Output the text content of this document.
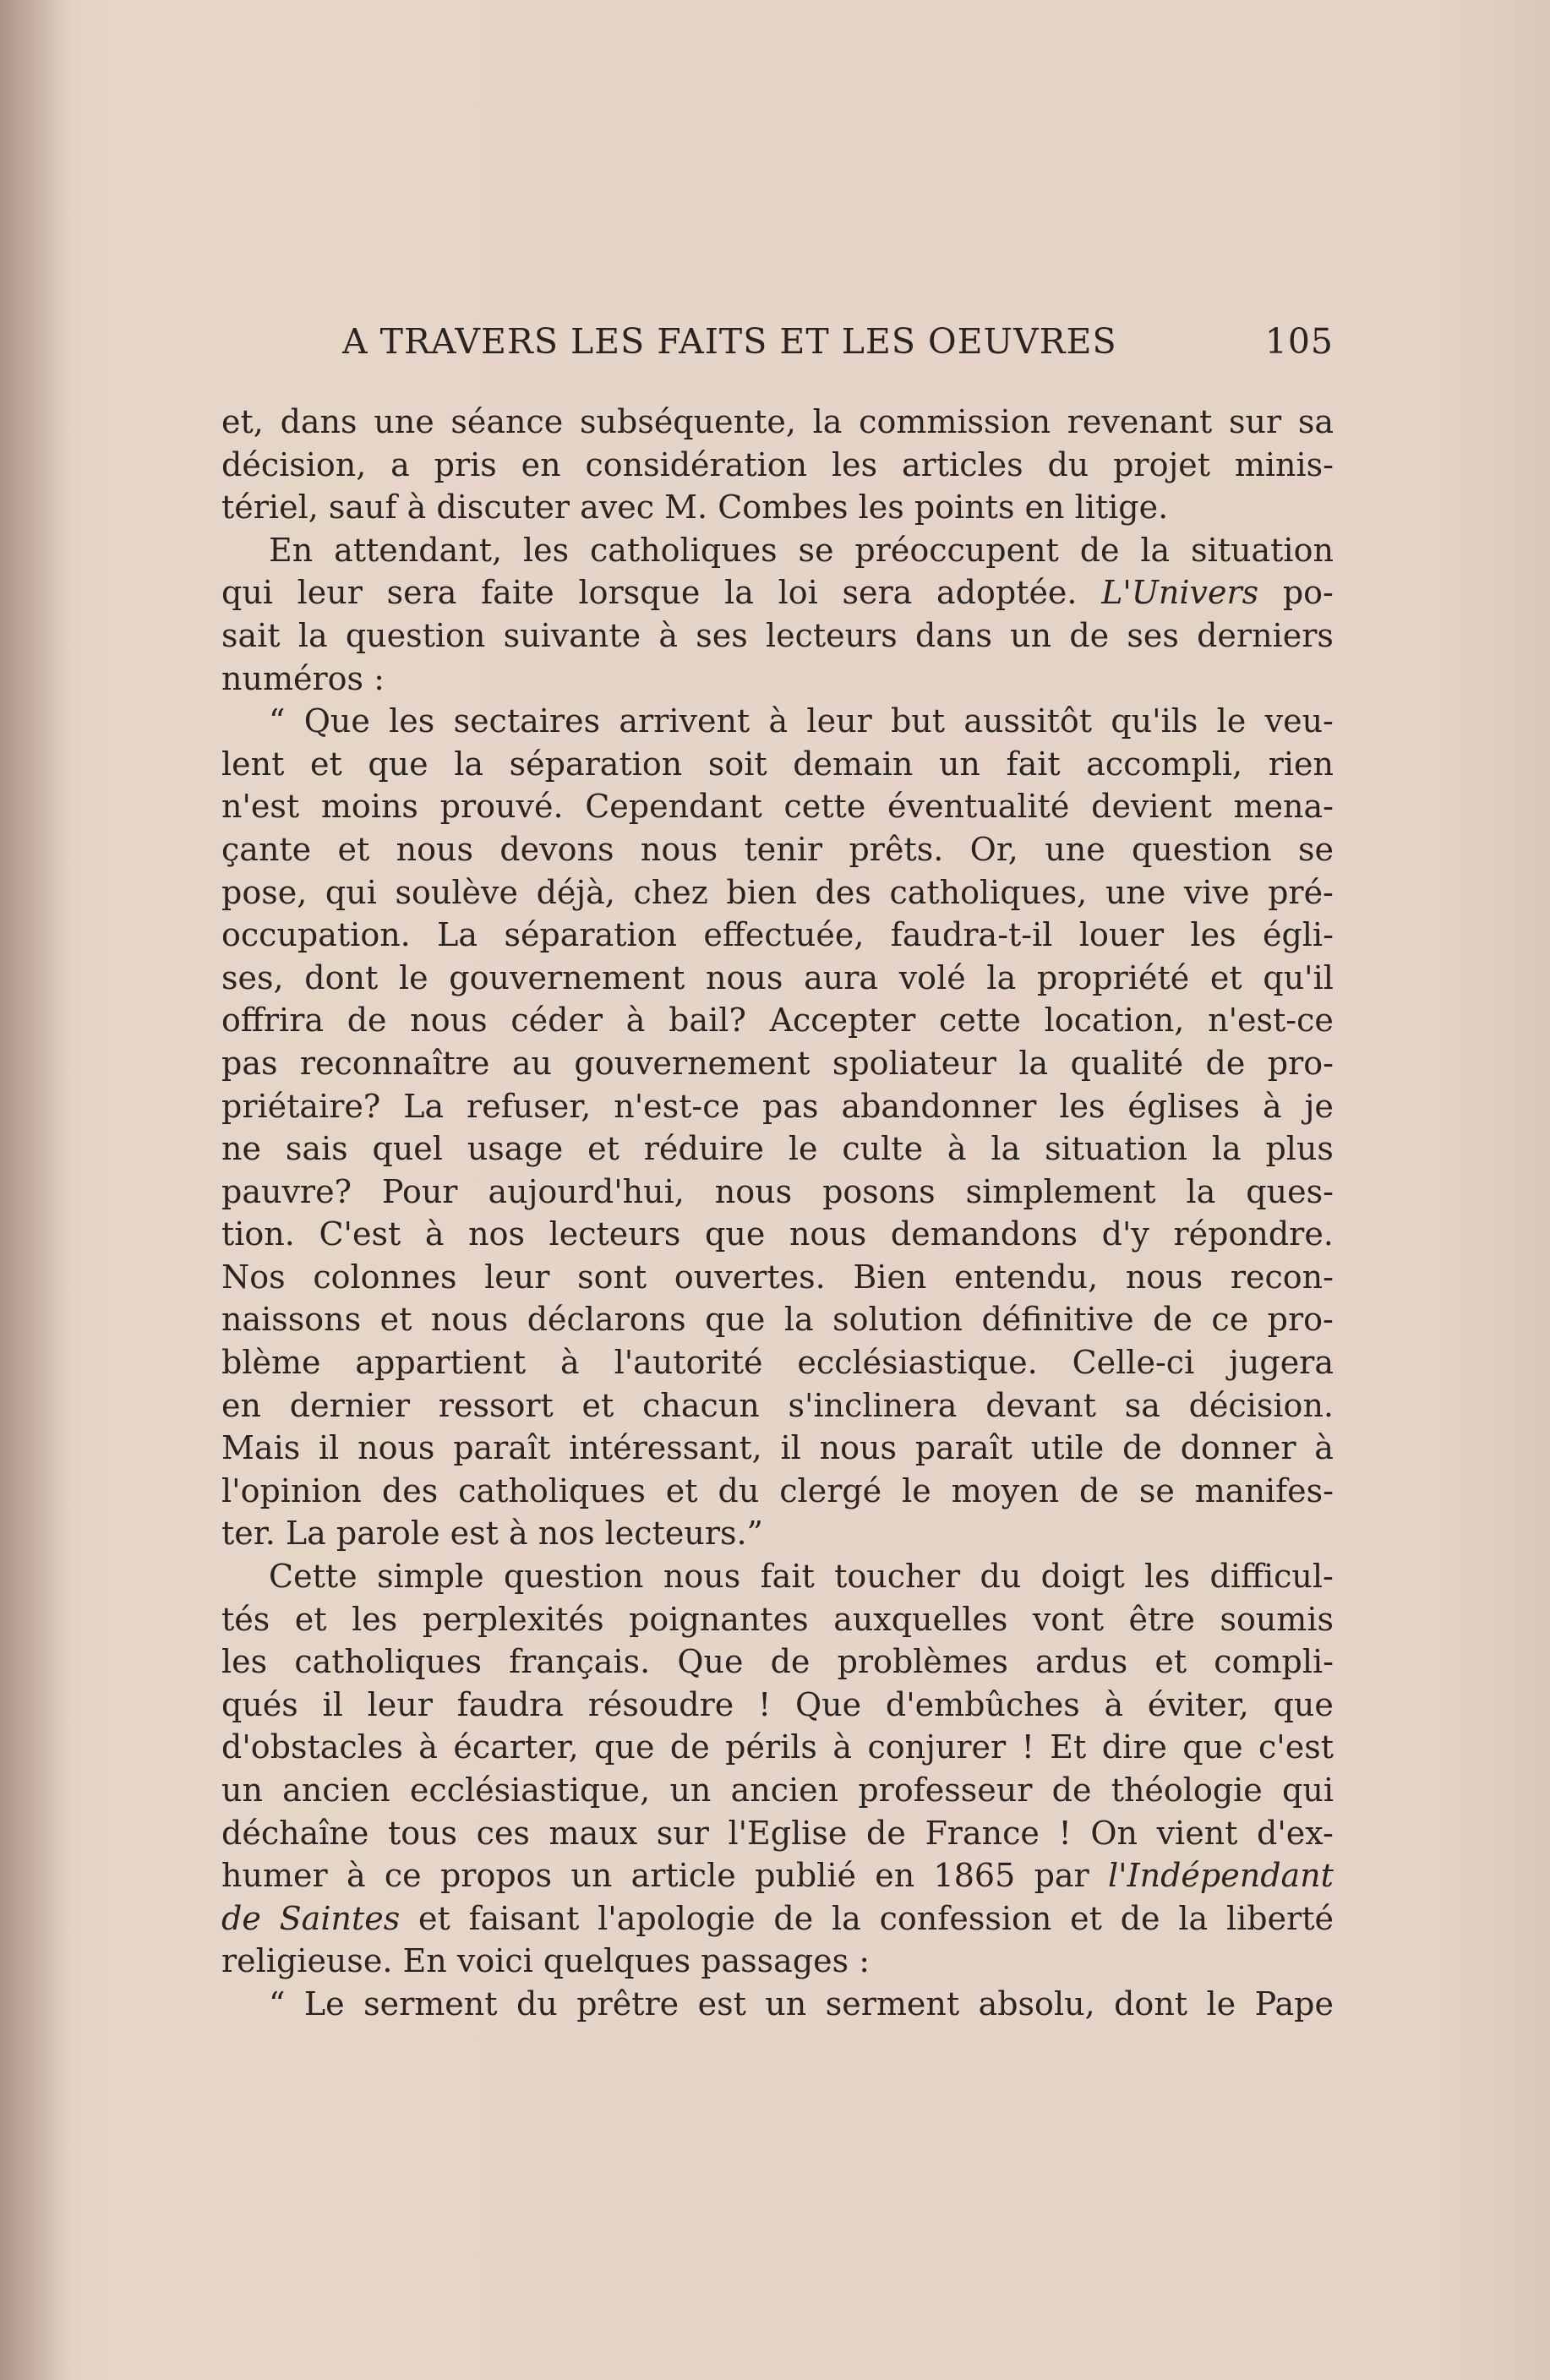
A TRAVERS LES FAITS ET LES OEUVRES	105
et, dans une séance subséquente, la commission revenant sur sa
décision, a pris en considération les articles du projet minis-
tériel, sauf à discuter avec M. Combes les points en litige.
En attendant, les catholiques se préoccupent de la situation
qui leur sera faite lorsque la loi sera adoptée. L'Univers po-
sait la question suivante à ses lecteurs dans un de ses derniers
numéros :
“ Que les sectaires arrivent à leur but aussitôt qu'ils le veu-
lent et que la séparation soit demain un fait accompli, rien
n'est moins prouvé. Cependant cette éventualité devient mena-
çante et nous devons nous tenir prêts. Or, une question se
pose, qui soulève déjà, chez bien des catholiques, une vive pré-
occupation. La séparation effectuée, faudra-t-il louer les égli-
ses, dont le gouvernement nous aura volé la propriété et qu'il
offrira de nous céder à bail? Accepter cette location, n'est-ce
pas reconnaître au gouvernement spoliateur la qualité de pro-
priétaire? La refuser, n'est-ce pas abandonner les églises à je
ne sais quel usage et réduire le culte à la situation la plus
pauvre? Pour aujourd'hui, nous posons simplement la ques-
tion. C'est à nos lecteurs que nous demandons d'y répondre.
Nos colonnes leur sont ouvertes. Bien entendu, nous recon-
naissons et nous déclarons que la solution définitive de ce pro-
blème appartient à l'autorité ecclésiastique. Celle-ci jugera
en dernier ressort et chacun s'inclinera devant sa décision.
Mais il nous paraît intéressant, il nous paraît utile de donner à
l'opinion des catholiques et du clergé le moyen de se manifes-
ter. La parole est à nos lecteurs.”
Cette simple question nous fait toucher du doigt les difficul-
tés et les perplexités poignantes auxquelles vont être soumis
les catholiques français. Que de problèmes ardus et compli-
qués il leur faudra résoudre ! Que d'embûches à éviter, que
d'obstacles à écarter, que de périls à conjurer ! Et dire que c'est
un ancien ecclésiastique, un ancien professeur de théologie qui
déchaîne tous ces maux sur l'Eglise de France ! On vient d'ex-
humer à ce propos un article publié en 1865 par l'Indépendant
de Saintes et faisant l'apologie de la confession et de la liberté
religieuse. En voici quelques passages :
“ Le serment du prêtre est un serment absolu, dont le Pape
